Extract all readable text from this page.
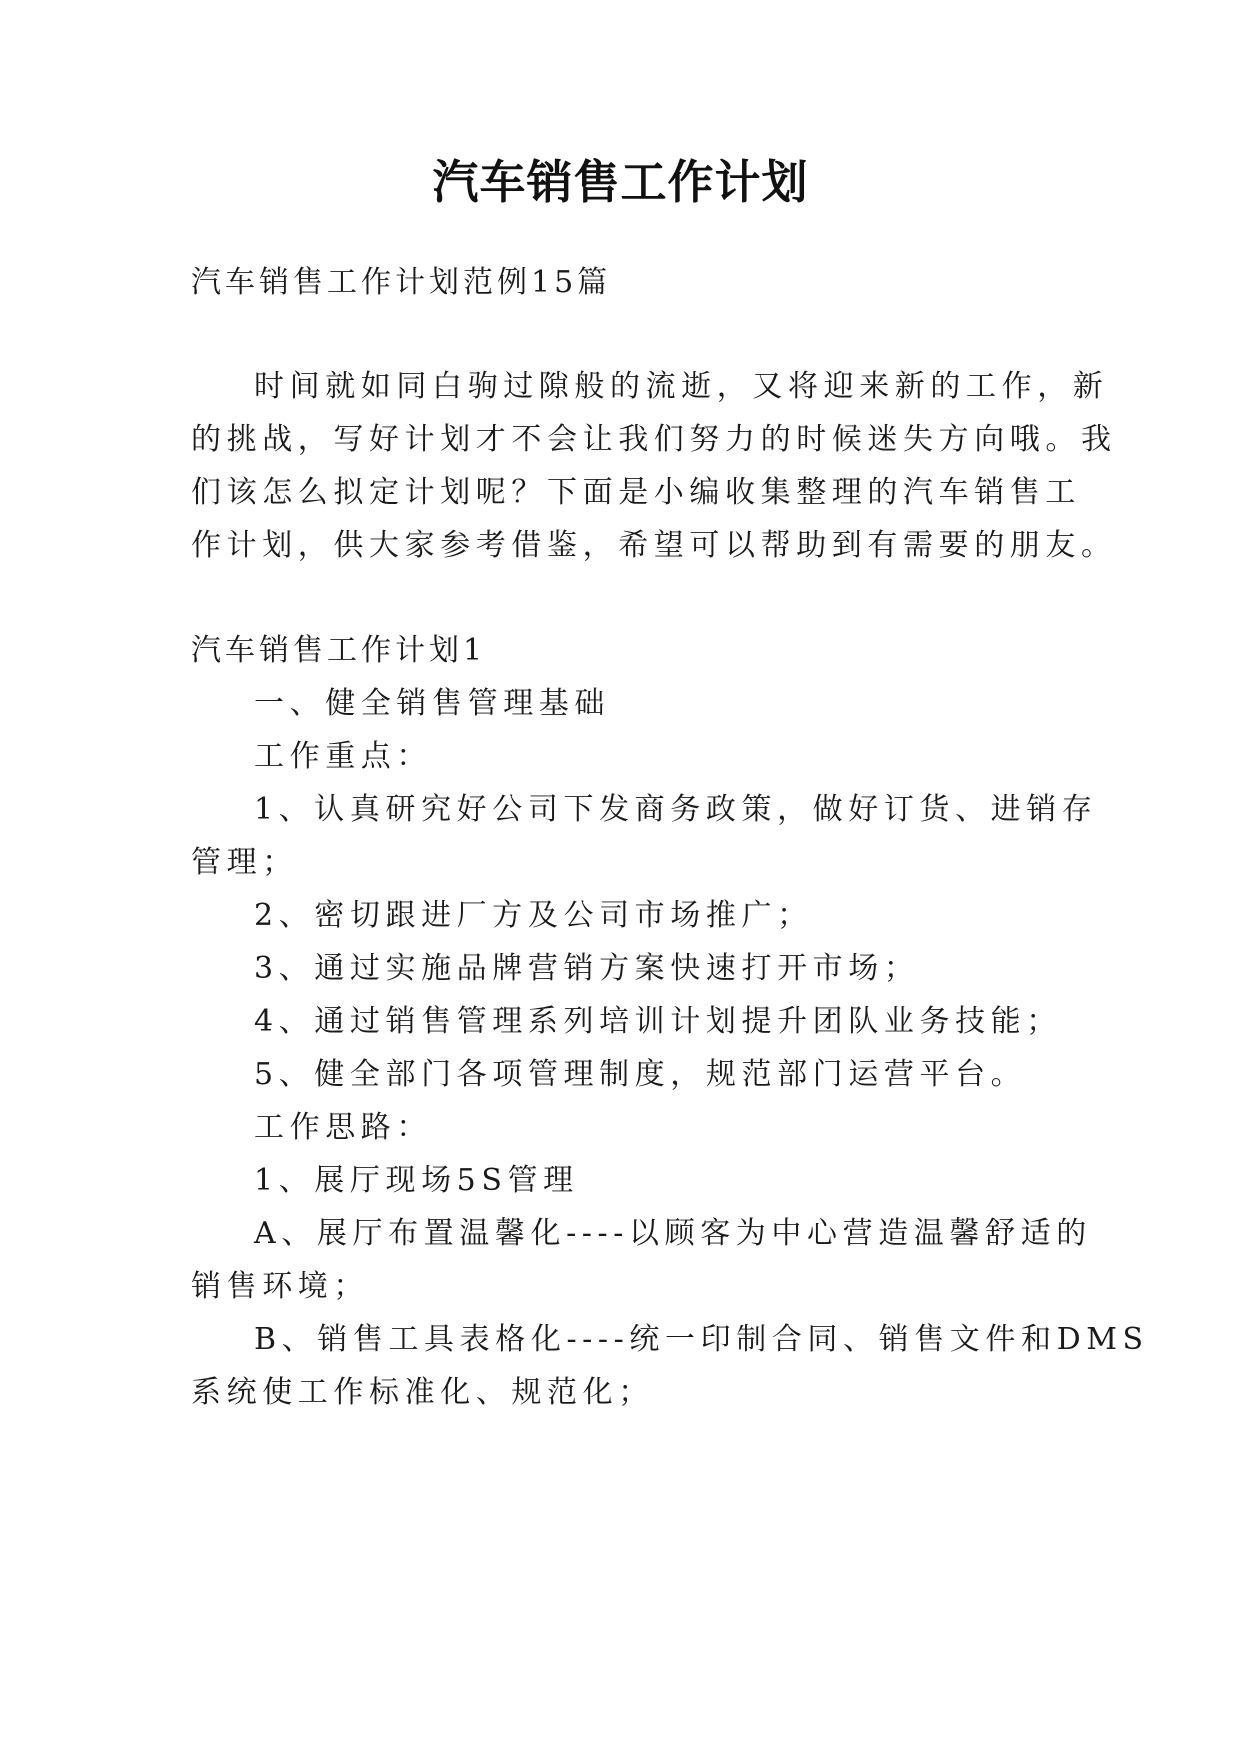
汽车销售工作计划
汽车销售工作计划范例15篇
时间就如同白驹过隙般的流逝，又将迎来新的工作，新
的挑战，写好计划才不会让我们努力的时候迷失方向哦。我
们该怎么拟定计划呢？下面是小编收集整理的汽车销售工
作计划，供大家参考借鉴，希望可以帮助到有需要的朋友。
汽车销售工作计划1
一、健全销售管理基础
工作重点：
1、认真研究好公司下发商务政策，做好订货、进销存
管理；
2、密切跟进厂方及公司市场推广；
3、通过实施品牌营销方案快速打开市场；
4、通过销售管理系列培训计划提升团队业务技能；
5、健全部门各项管理制度，规范部门运营平台。
工作思路：
1、展厅现场5S管理
A、展厅布置温馨化----以顾客为中心营造温馨舒适的
销售环境；
B、销售工具表格化----统一印制合同、销售文件和DMS
系统使工作标准化、规范化；
